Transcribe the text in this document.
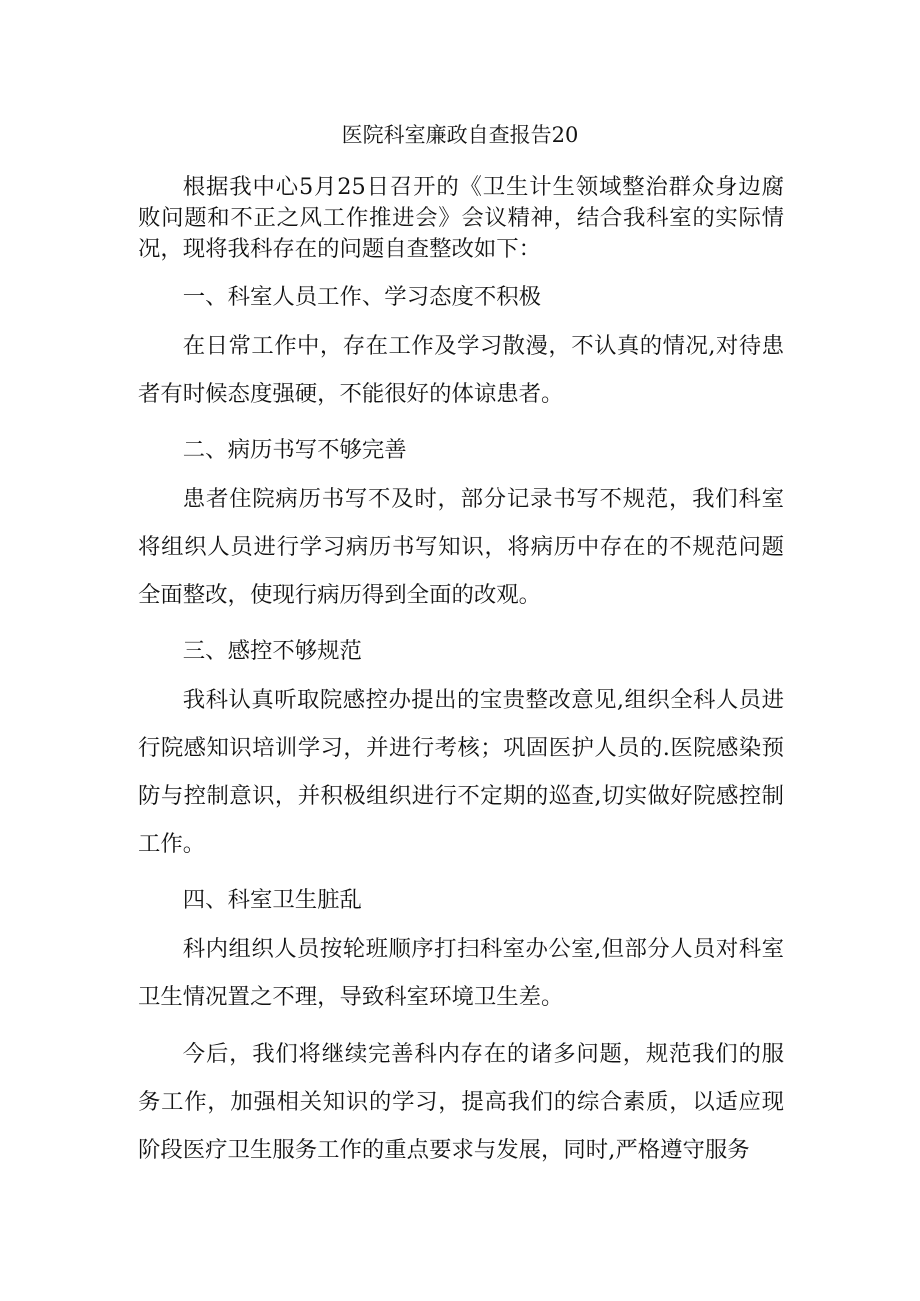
医院科室廉政自查报告20

根据我中心5月25日召开的《卫生计生领域整治群众身边腐败问题和不正之风工作推进会》会议精神，结合我科室的实际情况，现将我科存在的问题自查整改如下：

一、科室人员工作、学习态度不积极

在日常工作中，存在工作及学习散漫，不认真的情况,对待患者有时候态度强硬，不能很好的体谅患者。

二、病历书写不够完善

患者住院病历书写不及时，部分记录书写不规范，我们科室将组织人员进行学习病历书写知识，将病历中存在的不规范问题全面整改，使现行病历得到全面的改观。

三、感控不够规范

我科认真听取院感控办提出的宝贵整改意见,组织全科人员进行院感知识培训学习，并进行考核；巩固医护人员的.医院感染预防与控制意识，并积极组织进行不定期的巡查,切实做好院感控制工作。

四、科室卫生脏乱

科内组织人员按轮班顺序打扫科室办公室,但部分人员对科室卫生情况置之不理，导致科室环境卫生差。

今后，我们将继续完善科内存在的诸多问题，规范我们的服务工作，加强相关知识的学习，提高我们的综合素质，以适应现阶段医疗卫生服务工作的重点要求与发展，同时,严格遵守服务
